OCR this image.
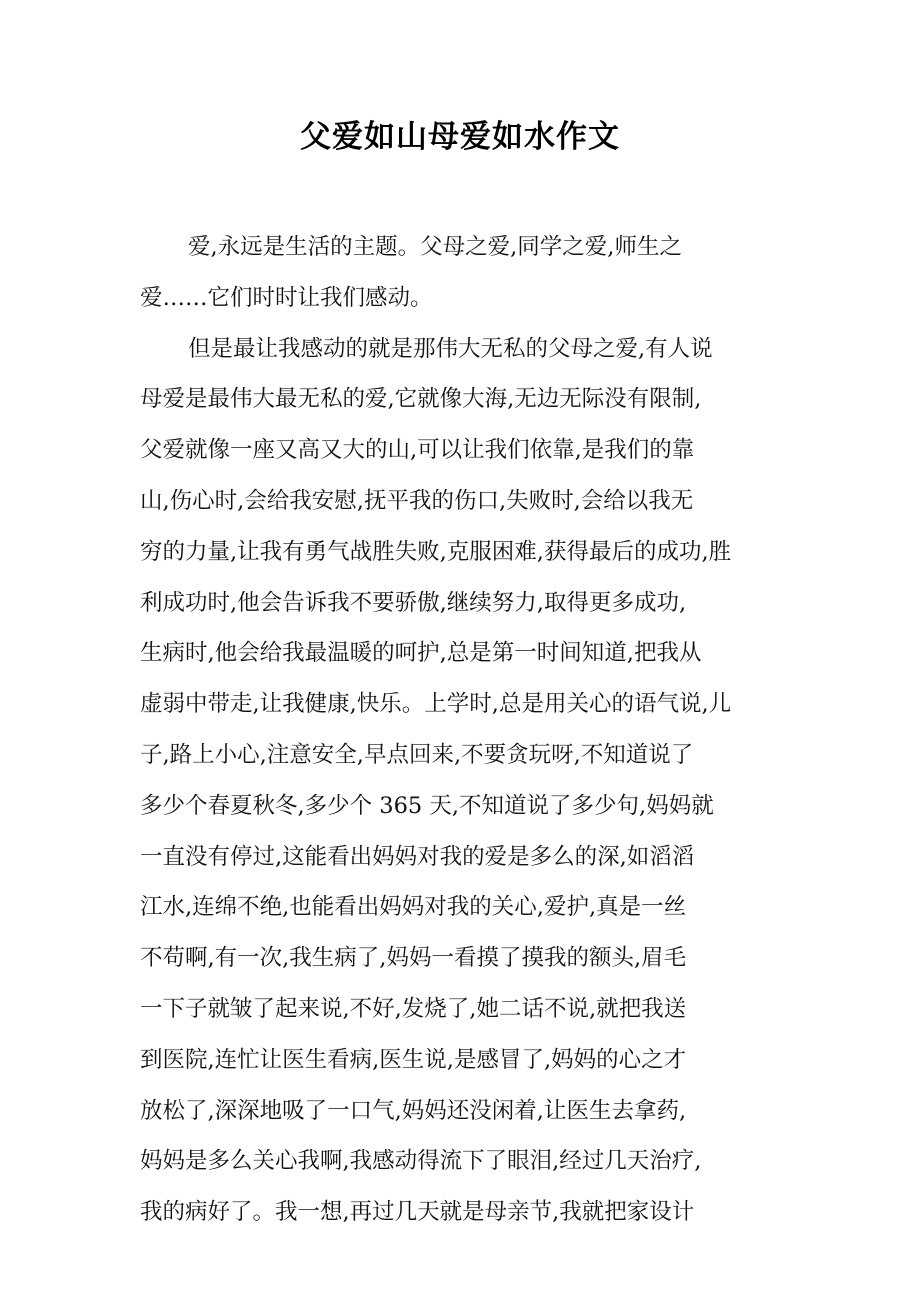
父爱如山母爱如水作文
爱,永远是生活的主题。父母之爱,同学之爱,师生之
爱……它们时时让我们感动。
但是最让我感动的就是那伟大无私的父母之爱,有人说
母爱是最伟大最无私的爱,它就像大海,无边无际没有限制,
父爱就像一座又高又大的山,可以让我们依靠,是我们的靠
山,伤心时,会给我安慰,抚平我的伤口,失败时,会给以我无
穷的力量,让我有勇气战胜失败,克服困难,获得最后的成功,胜
利成功时,他会告诉我不要骄傲,继续努力,取得更多成功,
生病时,他会给我最温暖的呵护,总是第一时间知道,把我从
虚弱中带走,让我健康,快乐。上学时,总是用关心的语气说,儿
子,路上小心,注意安全,早点回来,不要贪玩呀,不知道说了
多少个春夏秋冬,多少个 365 天,不知道说了多少句,妈妈就
一直没有停过,这能看出妈妈对我的爱是多么的深,如滔滔
江水,连绵不绝,也能看出妈妈对我的关心,爱护,真是一丝
不苟啊,有一次,我生病了,妈妈一看摸了摸我的额头,眉毛
一下子就皱了起来说,不好,发烧了,她二话不说,就把我送
到医院,连忙让医生看病,医生说,是感冒了,妈妈的心之才
放松了,深深地吸了一口气,妈妈还没闲着,让医生去拿药,
妈妈是多么关心我啊,我感动得流下了眼泪,经过几天治疗,
我的病好了。我一想,再过几天就是母亲节,我就把家设计
